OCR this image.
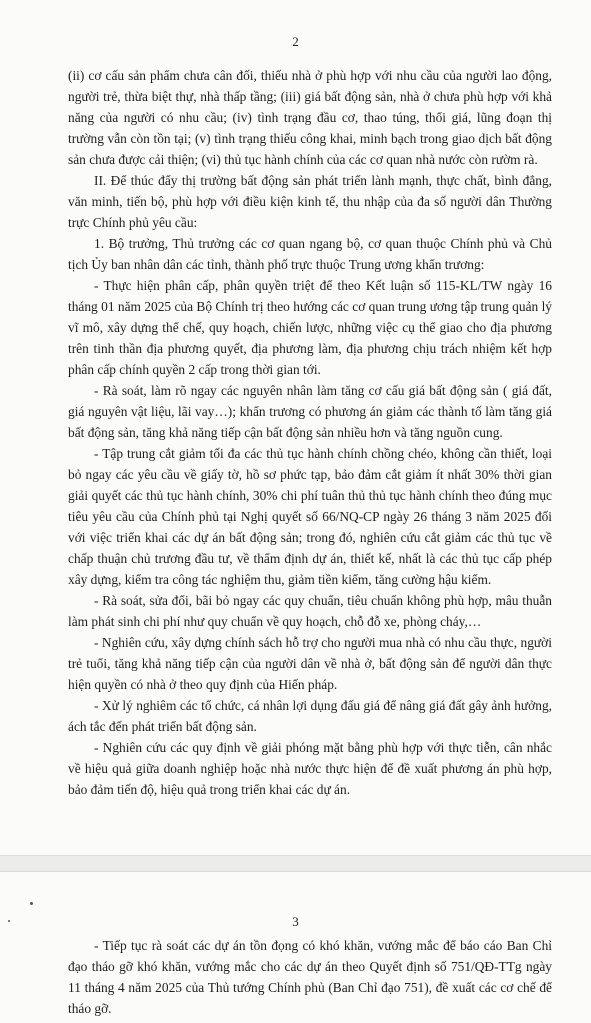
2

(ii) cơ cấu sản phẩm chưa cân đối, thiếu nhà ở phù hợp với nhu cầu của người lao động, người trẻ, thừa biệt thự, nhà thấp tầng; (iii) giá bất động sản, nhà ở chưa phù hợp với khả năng của người có nhu cầu; (iv) tình trạng đầu cơ, thao túng, thổi giá, lũng đoạn thị trường vẫn còn tồn tại; (v) tình trạng thiếu công khai, minh bạch trong giao dịch bất động sản chưa được cải thiện; (vi) thủ tục hành chính của các cơ quan nhà nước còn rườm rà.

II. Để thúc đẩy thị trường bất động sản phát triển lành mạnh, thực chất, bình đẳng, văn minh, tiến bộ, phù hợp với điều kiện kinh tế, thu nhập của đa số người dân Thường trực Chính phủ yêu cầu:

1. Bộ trưởng, Thủ trưởng các cơ quan ngang bộ, cơ quan thuộc Chính phủ và Chủ tịch Ủy ban nhân dân các tỉnh, thành phố trực thuộc Trung ương khẩn trương:

- Thực hiện phân cấp, phân quyền triệt để theo Kết luận số 115-KL/TW ngày 16 tháng 01 năm 2025 của Bộ Chính trị theo hướng các cơ quan trung ương tập trung quản lý vĩ mô, xây dựng thể chế, quy hoạch, chiến lược, những việc cụ thể giao cho địa phương trên tinh thần địa phương quyết, địa phương làm, địa phương chịu trách nhiệm kết hợp phân cấp chính quyền 2 cấp trong thời gian tới.

- Rà soát, làm rõ ngay các nguyên nhân làm tăng cơ cấu giá bất động sản ( giá đất, giá nguyên vật liệu, lãi vay…); khẩn trương có phương án giảm các thành tố làm tăng giá bất động sản, tăng khả năng tiếp cận bất động sản nhiều hơn và tăng nguồn cung.

- Tập trung cắt giảm tối đa các thủ tục hành chính chồng chéo, không cần thiết, loại bỏ ngay các yêu cầu về giấy tờ, hồ sơ phức tạp, bảo đảm cắt giảm ít nhất 30% thời gian giải quyết các thủ tục hành chính, 30% chi phí tuân thủ thủ tục hành chính theo đúng mục tiêu yêu cầu của Chính phủ tại Nghị quyết số 66/NQ-CP ngày 26 tháng 3 năm 2025 đối với việc triển khai các dự án bất động sản; trong đó, nghiên cứu cắt giảm các thủ tục về chấp thuận chủ trương đầu tư, về thẩm định dự án, thiết kế, nhất là các thủ tục cấp phép xây dựng, kiểm tra công tác nghiệm thu, giảm tiền kiểm, tăng cường hậu kiểm.

- Rà soát, sửa đổi, bãi bỏ ngay các quy chuẩn, tiêu chuẩn không phù hợp, mâu thuẫn làm phát sinh chi phí như quy chuẩn về quy hoạch, chỗ đỗ xe, phòng cháy,…

- Nghiên cứu, xây dựng chính sách hỗ trợ cho người mua nhà có nhu cầu thực, người trẻ tuổi, tăng khả năng tiếp cận của người dân về nhà ở, bất động sản để người dân thực hiện quyền có nhà ở theo quy định của Hiến pháp.

- Xử lý nghiêm các tổ chức, cá nhân lợi dụng đấu giá để nâng giá đất gây ảnh hưởng, ách tắc đến phát triển bất động sản.

- Nghiên cứu các quy định về giải phóng mặt bằng phù hợp với thực tiễn, cân nhắc về hiệu quả giữa doanh nghiệp hoặc nhà nước thực hiện để đề xuất phương án phù hợp, bảo đảm tiến độ, hiệu quả trong triển khai các dự án.

3

- Tiếp tục rà soát các dự án tồn đọng có khó khăn, vướng mắc để báo cáo Ban Chỉ đạo tháo gỡ khó khăn, vướng mắc cho các dự án theo Quyết định số 751/QĐ-TTg ngày 11 tháng 4 năm 2025 của Thủ tướng Chính phủ (Ban Chỉ đạo 751), đề xuất các cơ chế để tháo gỡ.
